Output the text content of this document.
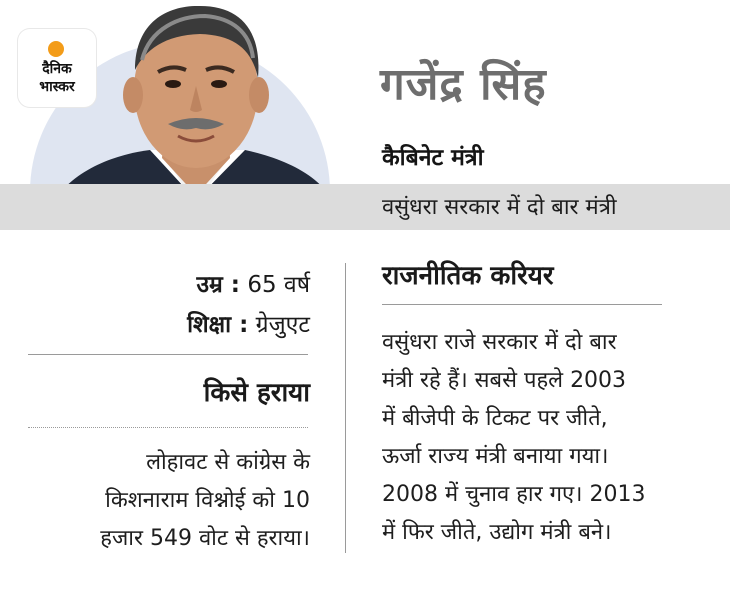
दैनिक
भास्कर	गजेंद्र सिंह
कैबिनेट मंत्री
वसुंधरा सरकार में दो बार मंत्री
उम्र : 65 वर्ष
शिक्षा : ग्रेजुएट
किसे हराया
लोहावट से कांग्रेस के
किशनाराम विश्नोई को 10
हजार 549 वोट से हराया।
राजनीतिक करियर
वसुंधरा राजे सरकार में दो बार
मंत्री रहे हैं। सबसे पहले 2003
में बीजेपी के टिकट पर जीते,
ऊर्जा राज्य मंत्री बनाया गया।
2008 में चुनाव हार गए। 2013
में फिर जीते, उद्योग मंत्री बने।
